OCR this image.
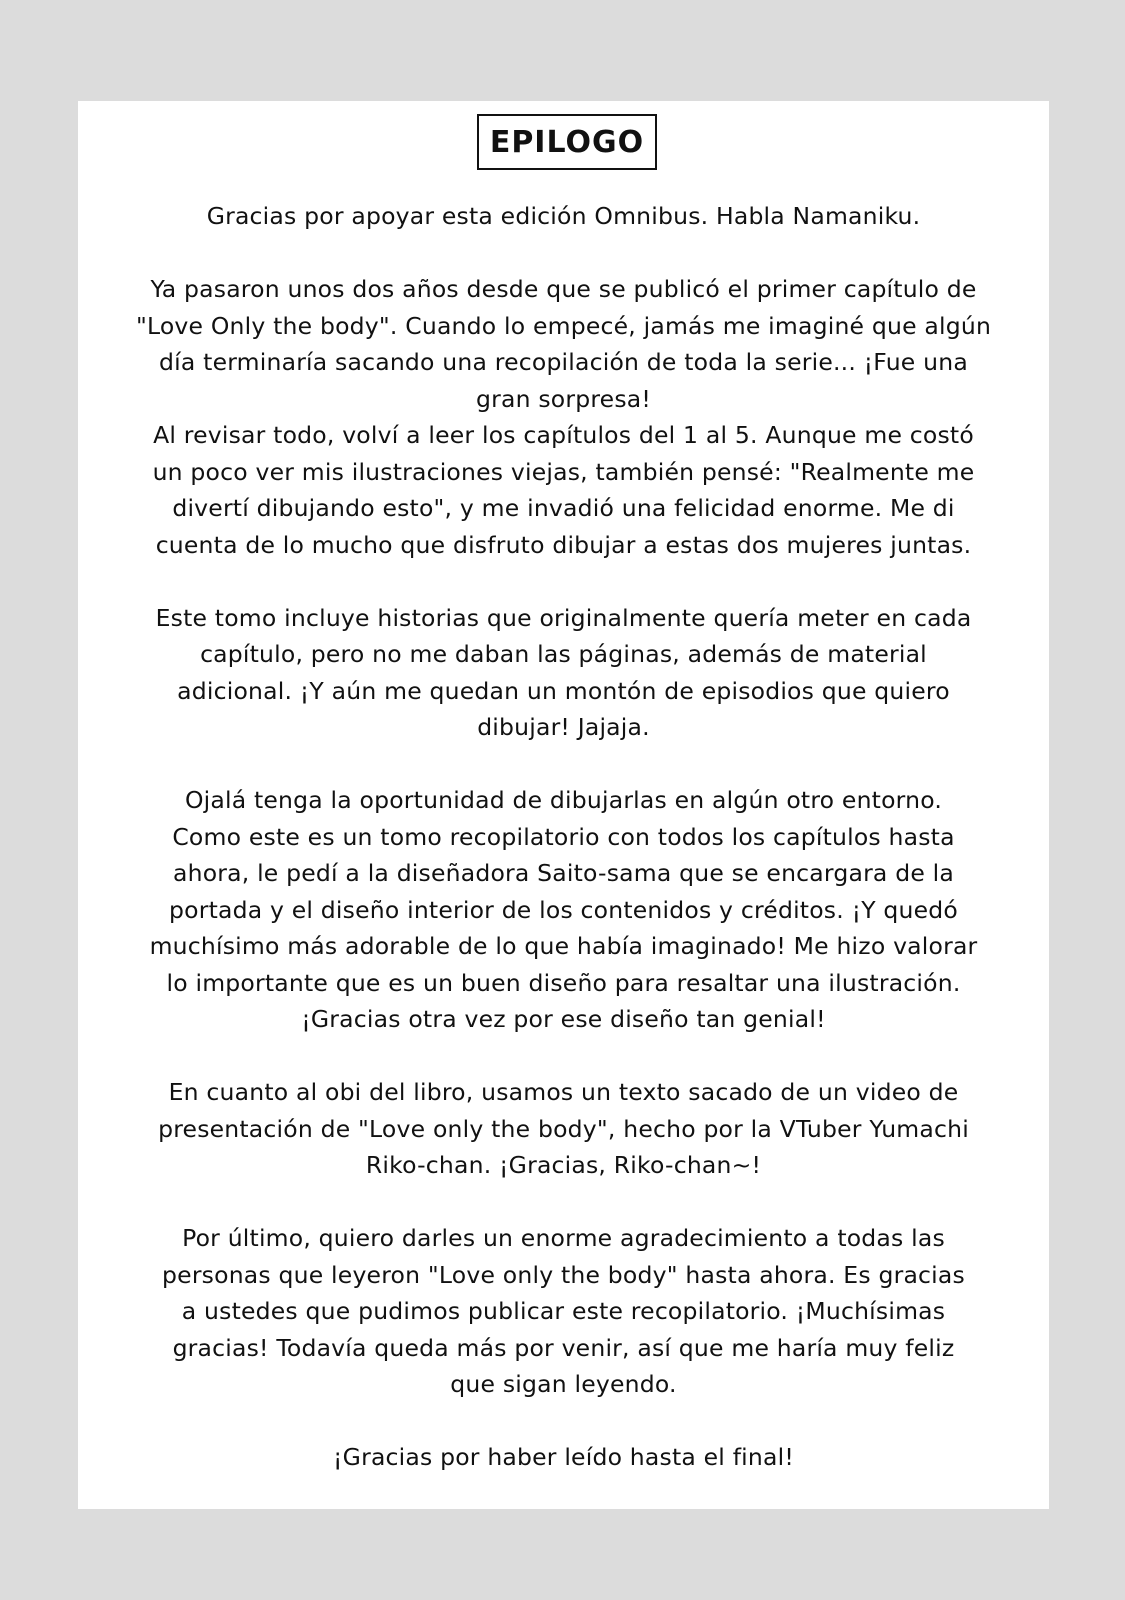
EPILOGO

Gracias por apoyar esta edición Omnibus. Habla Namaniku.

Ya pasaron unos dos años desde que se publicó el primer capítulo de
"Love Only the body". Cuando lo empecé, jamás me imaginé que algún
día terminaría sacando una recopilación de toda la serie... ¡Fue una
gran sorpresa!
Al revisar todo, volví a leer los capítulos del 1 al 5. Aunque me costó
un poco ver mis ilustraciones viejas, también pensé: "Realmente me
divertí dibujando esto", y me invadió una felicidad enorme. Me di
cuenta de lo mucho que disfruto dibujar a estas dos mujeres juntas.

Este tomo incluye historias que originalmente quería meter en cada
capítulo, pero no me daban las páginas, además de material
adicional. ¡Y aún me quedan un montón de episodios que quiero
dibujar! Jajaja.

Ojalá tenga la oportunidad de dibujarlas en algún otro entorno.
Como este es un tomo recopilatorio con todos los capítulos hasta
ahora, le pedí a la diseñadora Saito-sama que se encargara de la
portada y el diseño interior de los contenidos y créditos. ¡Y quedó
muchísimo más adorable de lo que había imaginado! Me hizo valorar
lo importante que es un buen diseño para resaltar una ilustración.
¡Gracias otra vez por ese diseño tan genial!

En cuanto al obi del libro, usamos un texto sacado de un video de
presentación de "Love only the body", hecho por la VTuber Yumachi
Riko-chan. ¡Gracias, Riko-chan~!

Por último, quiero darles un enorme agradecimiento a todas las
personas que leyeron "Love only the body" hasta ahora. Es gracias
a ustedes que pudimos publicar este recopilatorio. ¡Muchísimas
gracias! Todavía queda más por venir, así que me haría muy feliz
que sigan leyendo.

¡Gracias por haber leído hasta el final!
